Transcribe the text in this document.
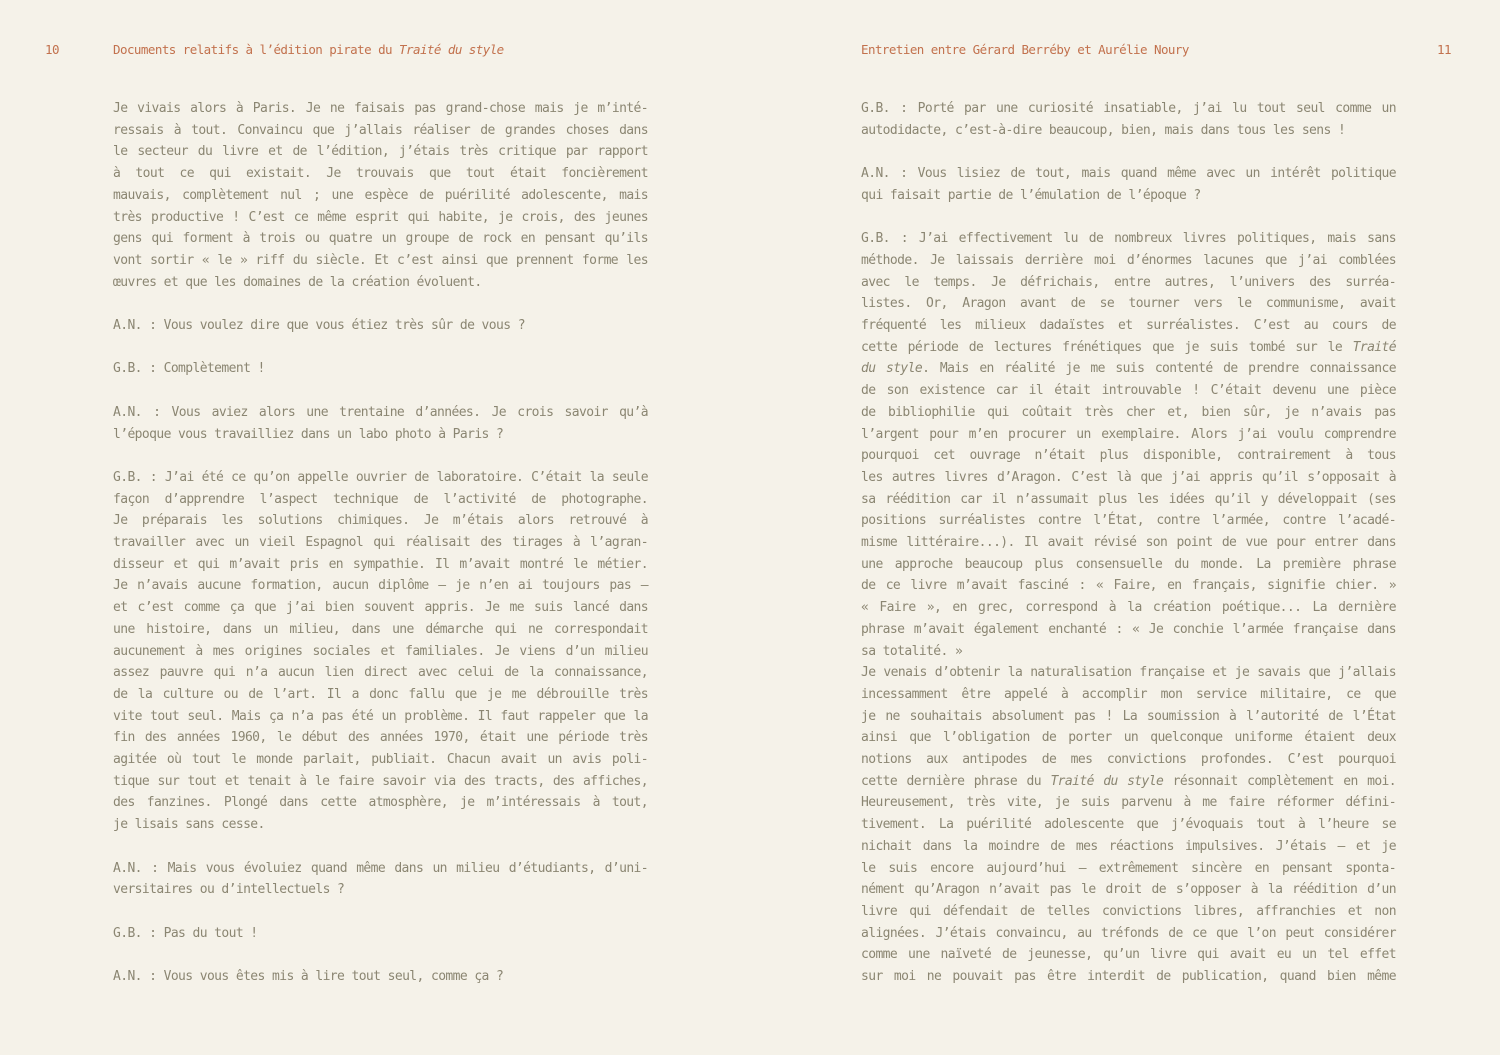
10	Documents relatifs à l’édition pirate du Traité du style	Entretien entre Gérard Berréby et Aurélie Noury	11
Je vivais alors à Paris. Je ne faisais pas grand-chose mais je m’inté-
ressais à tout. Convaincu que j’allais réaliser de grandes choses dans
le secteur du livre et de l’édition, j’étais très critique par rapport
à tout ce qui existait. Je trouvais que tout était foncièrement
mauvais, complètement nul ; une espèce de puérilité adolescente, mais
très productive ! C’est ce même esprit qui habite, je crois, des jeunes
gens qui forment à trois ou quatre un groupe de rock en pensant qu’ils
vont sortir « le » riff du siècle. Et c’est ainsi que prennent forme les
œuvres et que les domaines de la création évoluent.
A.N. : Vous voulez dire que vous étiez très sûr de vous ?
G.B. : Complètement !
A.N. : Vous aviez alors une trentaine d’années. Je crois savoir qu’à
l’époque vous travailliez dans un labo photo à Paris ?
G.B. : J’ai été ce qu’on appelle ouvrier de laboratoire. C’était la seule
façon d’apprendre l’aspect technique de l’activité de photographe.
Je préparais les solutions chimiques. Je m’étais alors retrouvé à
travailler avec un vieil Espagnol qui réalisait des tirages à l’agran-
disseur et qui m’avait pris en sympathie. Il m’avait montré le métier.
Je n’avais aucune formation, aucun diplôme — je n’en ai toujours pas —
et c’est comme ça que j’ai bien souvent appris. Je me suis lancé dans
une histoire, dans un milieu, dans une démarche qui ne correspondait
aucunement à mes origines sociales et familiales. Je viens d’un milieu
assez pauvre qui n’a aucun lien direct avec celui de la connaissance,
de la culture ou de l’art. Il a donc fallu que je me débrouille très
vite tout seul. Mais ça n’a pas été un problème. Il faut rappeler que la
fin des années 1960, le début des années 1970, était une période très
agitée où tout le monde parlait, publiait. Chacun avait un avis poli-
tique sur tout et tenait à le faire savoir via des tracts, des affiches,
des fanzines. Plongé dans cette atmosphère, je m’intéressais à tout,
je lisais sans cesse.
A.N. : Mais vous évoluiez quand même dans un milieu d’étudiants, d’uni-
versitaires ou d’intellectuels ?
G.B. : Pas du tout !
A.N. : Vous vous êtes mis à lire tout seul, comme ça ?
G.B. : Porté par une curiosité insatiable, j’ai lu tout seul comme un
autodidacte, c’est-à-dire beaucoup, bien, mais dans tous les sens !
A.N. : Vous lisiez de tout, mais quand même avec un intérêt politique
qui faisait partie de l’émulation de l’époque ?
G.B. : J’ai effectivement lu de nombreux livres politiques, mais sans
méthode. Je laissais derrière moi d’énormes lacunes que j’ai comblées
avec le temps. Je défrichais, entre autres, l’univers des surréa-
listes. Or, Aragon avant de se tourner vers le communisme, avait
fréquenté les milieux dadaïstes et surréalistes. C’est au cours de
cette période de lectures frénétiques que je suis tombé sur le Traité
du style. Mais en réalité je me suis contenté de prendre connaissance
de son existence car il était introuvable ! C’était devenu une pièce
de bibliophilie qui coûtait très cher et, bien sûr, je n’avais pas
l’argent pour m’en procurer un exemplaire. Alors j’ai voulu comprendre
pourquoi cet ouvrage n’était plus disponible, contrairement à tous
les autres livres d’Aragon. C’est là que j’ai appris qu’il s’opposait à
sa réédition car il n’assumait plus les idées qu’il y développait (ses
positions surréalistes contre l’État, contre l’armée, contre l’acadé-
misme littéraire...). Il avait révisé son point de vue pour entrer dans
une approche beaucoup plus consensuelle du monde. La première phrase
de ce livre m’avait fasciné : « Faire, en français, signifie chier. »
« Faire », en grec, correspond à la création poétique... La dernière
phrase m’avait également enchanté : « Je conchie l’armée française dans
sa totalité. »
Je venais d’obtenir la naturalisation française et je savais que j’allais
incessamment être appelé à accomplir mon service militaire, ce que
je ne souhaitais absolument pas ! La soumission à l’autorité de l’État
ainsi que l’obligation de porter un quelconque uniforme étaient deux
notions aux antipodes de mes convictions profondes. C’est pourquoi
cette dernière phrase du Traité du style résonnait complètement en moi.
Heureusement, très vite, je suis parvenu à me faire réformer défini-
tivement. La puérilité adolescente que j’évoquais tout à l’heure se
nichait dans la moindre de mes réactions impulsives. J’étais — et je
le suis encore aujourd’hui — extrêmement sincère en pensant sponta-
nément qu’Aragon n’avait pas le droit de s’opposer à la réédition d’un
livre qui défendait de telles convictions libres, affranchies et non
alignées. J’étais convaincu, au tréfonds de ce que l’on peut considérer
comme une naïveté de jeunesse, qu’un livre qui avait eu un tel effet
sur moi ne pouvait pas être interdit de publication, quand bien même
